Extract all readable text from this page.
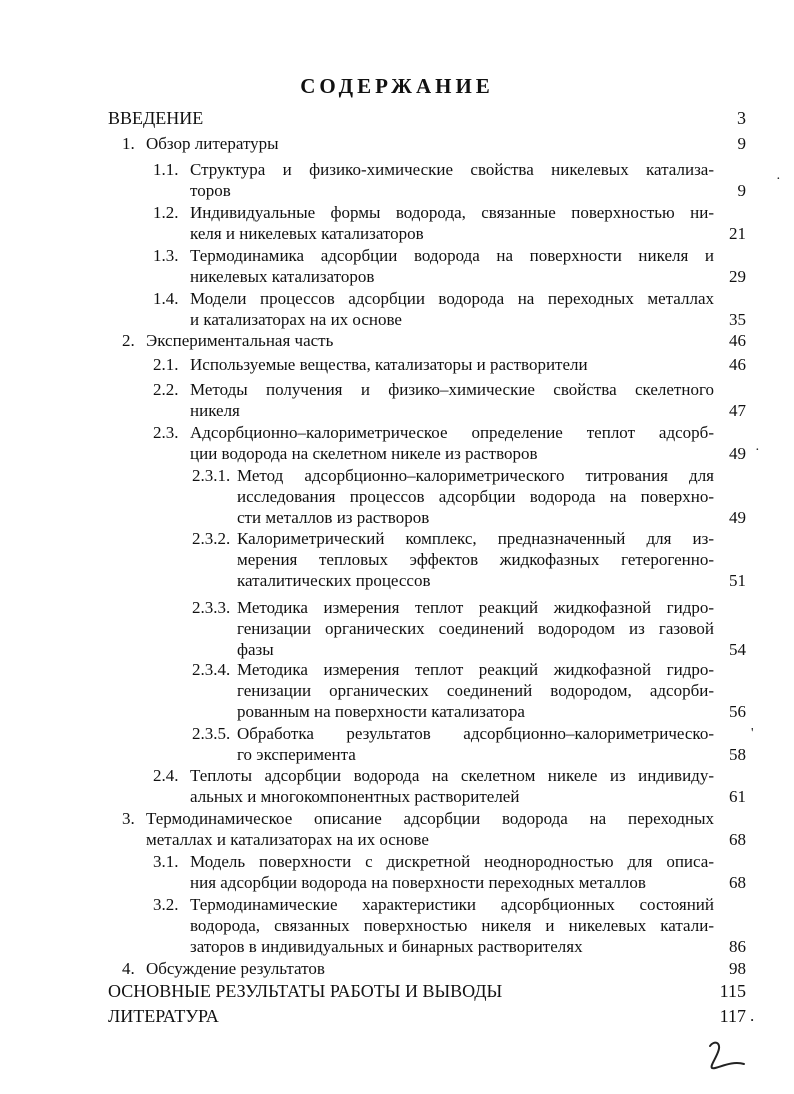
СОДЕРЖАНИЕ
ВВЕДЕНИЕ	3
1. Обзор литературы	9
1.1. Структура и физико-химические свойства никелевых катализа-
торов	9
1.2. Индивидуальные формы водорода, связанные поверхностью ни-
келя и никелевых катализаторов	21
1.3. Термодинамика адсорбции водорода на поверхности никеля и
никелевых катализаторов	29
1.4. Модели процессов адсорбции водорода на переходных металлах
и катализаторах на их основе	35
2. Экспериментальная часть	46
2.1. Используемые вещества, катализаторы и растворители	46
2.2. Методы получения и физико–химические свойства скелетного
никеля	47
2.3. Адсорбционно–калориметрическое определение теплот адсорб-
ции водорода на скелетном никеле из растворов	49
2.3.1. Метод адсорбционно–калориметрического титрования для
исследования процессов адсорбции водорода на поверхно-
сти металлов из растворов	49
2.3.2. Калориметрический комплекс, предназначенный для из-
мерения тепловых эффектов жидкофазных гетерогенно-
каталитических процессов	51
2.3.3. Методика измерения теплот реакций жидкофазной гидро-
генизации органических соединений водородом из газовой
фазы	54
2.3.4. Методика измерения теплот реакций жидкофазной гидро-
генизации органических соединений водородом, адсорби-
рованным на поверхности катализатора	56
2.3.5. Обработка результатов адсорбционно–калориметрическо-
го эксперимента	58
2.4. Теплоты адсорбции водорода на скелетном никеле из индивиду-
альных и многокомпонентных растворителей	61
3. Термодинамическое описание адсорбции водорода на переходных
металлах и катализаторах на их основе	68
3.1. Модель поверхности с дискретной неоднородностью для описа-
ния адсорбции водорода на поверхности переходных металлов	68
3.2. Термодинамические характеристики адсорбционных состояний
водорода, связанных поверхностью никеля и никелевых катали-
заторов в индивидуальных и бинарных растворителях	86
4. Обсуждение результатов	98
ОСНОВНЫЕ РЕЗУЛЬТАТЫ РАБОТЫ И ВЫВОДЫ	115
ЛИТЕРАТУРА	117
·
·
'
.
